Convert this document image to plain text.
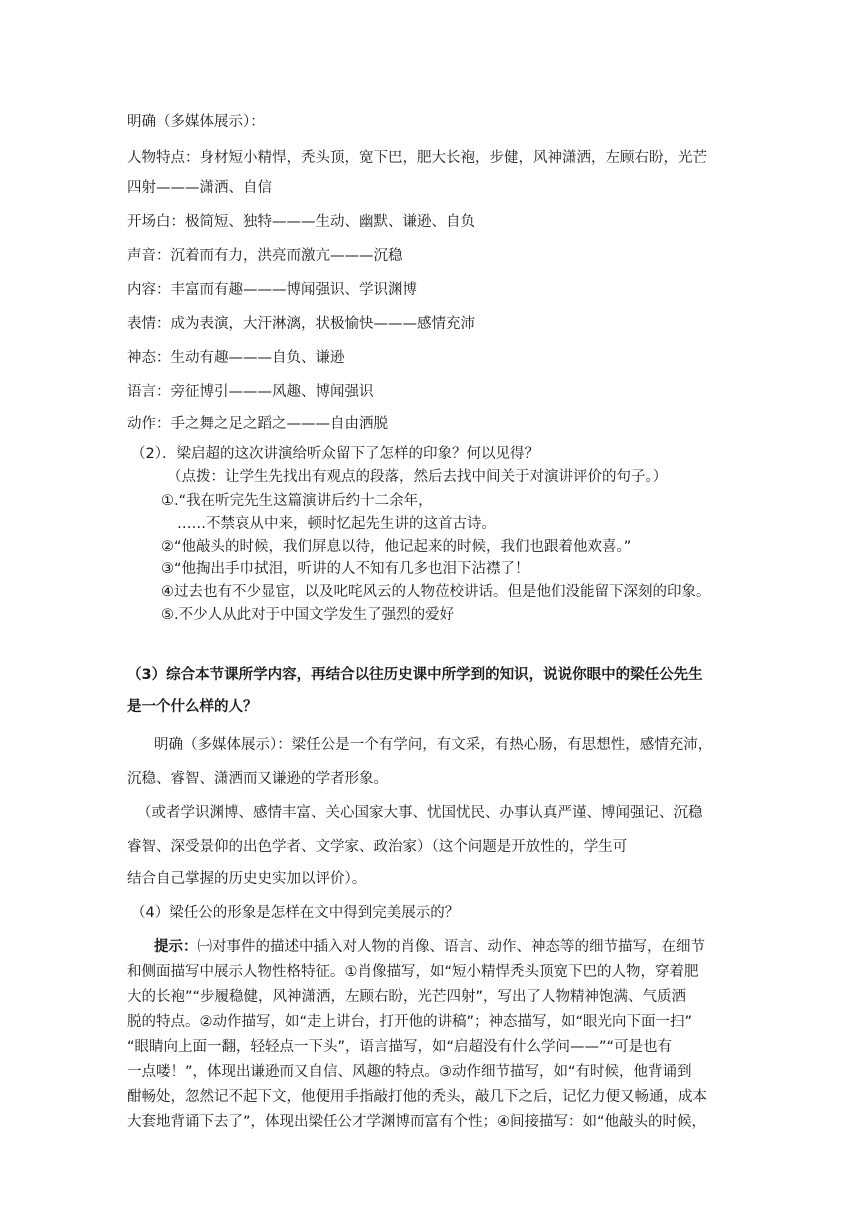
明确（多媒体展示）：
人物特点：身材短小精悍，秃头顶，宽下巴，肥大长袍，步健，风神潇洒，左顾右盼，光芒
四射———潇洒、自信
开场白：极简短、独特———生动、幽默、谦逊、自负
声音：沉着而有力，洪亮而激亢———沉稳
内容：丰富而有趣———博闻强识、学识渊博
表情：成为表演，大汗淋漓，状极愉快———感情充沛
神态：生动有趣———自负、谦逊
语言：旁征博引———风趣、博闻强识
动作：手之舞之足之蹈之———自由洒脱
（2）．梁启超的这次讲演给听众留下了怎样的印象？何以见得？
（点拨：让学生先找出有观点的段落，然后去找中间关于对演讲评价的句子。）
①.“我在听完先生这篇演讲后约十二余年，
……不禁哀从中来，顿时忆起先生讲的这首古诗。
②“他敲头的时候，我们屏息以待，他记起来的时候，我们也跟着他欢喜。”
③“他掏出手巾拭泪，听讲的人不知有几多也泪下沾襟了！
④过去也有不少显宦，以及叱咤风云的人物莅校讲话。但是他们没能留下深刻的印象。
⑤.不少人从此对于中国文学发生了强烈的爱好
（3）综合本节课所学内容，再结合以往历史课中所学到的知识，说说你眼中的梁任公先生
是一个什么样的人？
明确（多媒体展示）：梁任公是一个有学问，有文采，有热心肠，有思想性，感情充沛，
沉稳、睿智、潇洒而又谦逊的学者形象。
（或者学识渊博、感情丰富、关心国家大事、忧国忧民、办事认真严谨、博闻强记、沉稳
睿智、深受景仰的出色学者、文学家、政治家）（这个问题是开放性的，学生可
结合自己掌握的历史史实加以评价）。
（4）梁任公的形象是怎样在文中得到完美展示的？
提示：㈠对事件的描述中插入对人物的肖像、语言、动作、神态等的细节描写，在细节
和侧面描写中展示人物性格特征。①肖像描写，如“短小精悍秃头顶宽下巴的人物，穿着肥
大的长袍”“步履稳健，风神潇洒，左顾右盼，光芒四射”，写出了人物精神饱满、气质洒
脱的特点。②动作描写，如“走上讲台，打开他的讲稿”；神态描写，如“眼光向下面一扫”
“眼睛向上面一翻，轻轻点一下头”，语言描写，如“启超没有什么学问——”“可是也有
一点喽！”，体现出谦逊而又自信、风趣的特点。③动作细节描写，如“有时候，他背诵到
酣畅处，忽然记不起下文，他便用手指敲打他的秃头，敲几下之后，记忆力便又畅通，成本
大套地背诵下去了”，体现出梁任公才学渊博而富有个性；④间接描写：如“他敲头的时候，
